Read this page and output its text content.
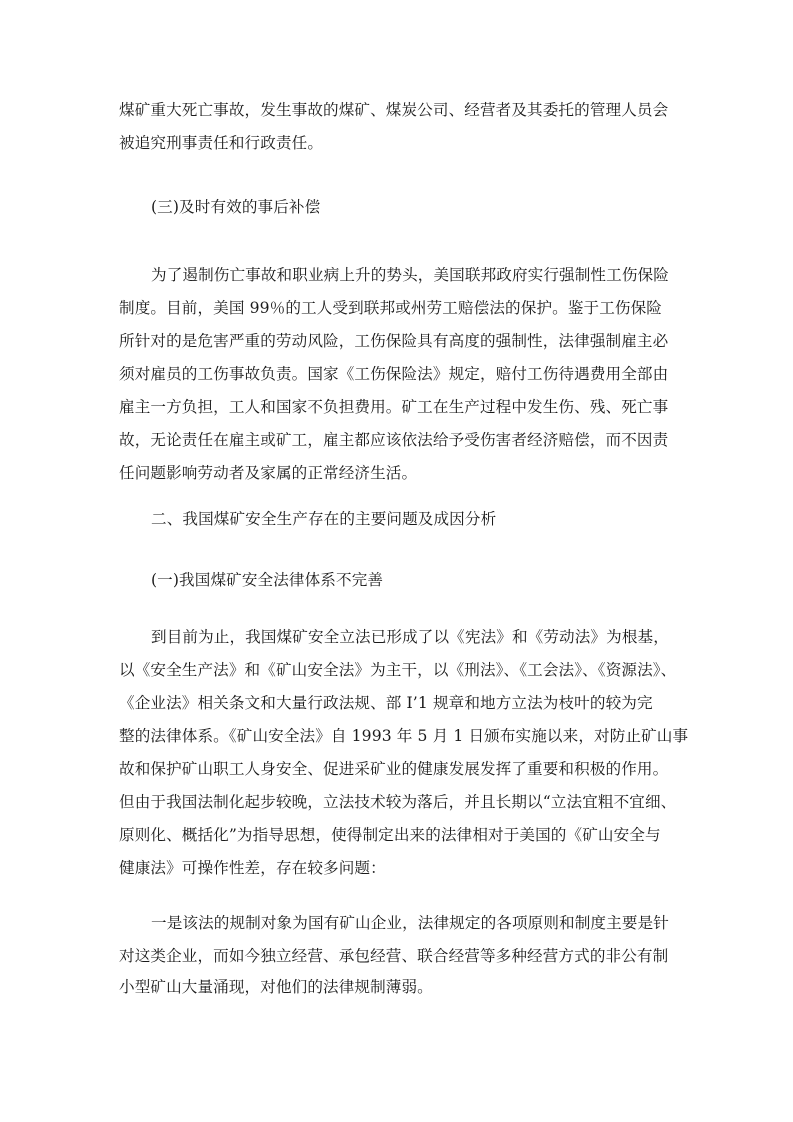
煤矿重大死亡事故，发生事故的煤矿、煤炭公司、经营者及其委托的管理人员会
被追究刑事责任和行政责任。
(三)及时有效的事后补偿
为了遏制伤亡事故和职业病上升的势头，美国联邦政府实行强制性工伤保险
制度。目前，美国 99％的工人受到联邦或州劳工赔偿法的保护。鉴于工伤保险
所针对的是危害严重的劳动风险，工伤保险具有高度的强制性，法律强制雇主必
须对雇员的工伤事故负责。国家《工伤保险法》规定，赔付工伤待遇费用全部由
雇主一方负担，工人和国家不负担费用。矿工在生产过程中发生伤、残、死亡事
故，无论责任在雇主或矿工，雇主都应该依法给予受伤害者经济赔偿，而不因责
任问题影响劳动者及家属的正常经济生活。
二、我国煤矿安全生产存在的主要问题及成因分析
(一)我国煤矿安全法律体系不完善
到目前为止，我国煤矿安全立法已形成了以《宪法》和《劳动法》为根基，
以《安全生产法》和《矿山安全法》为主干，以《刑法》、《工会法》、《资源法》、
《企业法》相关条文和大量行政法规、部 I’1 规章和地方立法为枝叶的较为完
整的法律体系。《矿山安全法》自 1993 年 5 月 1 日颁布实施以来，对防止矿山事
故和保护矿山职工人身安全、促进采矿业的健康发展发挥了重要和积极的作用。
但由于我国法制化起步较晚，立法技术较为落后，并且长期以“立法宜粗不宜细、
原则化、概括化”为指导思想，使得制定出来的法律相对于美国的《矿山安全与
健康法》可操作性差，存在较多问题：
一是该法的规制对象为国有矿山企业，法律规定的各项原则和制度主要是针
对这类企业，而如今独立经营、承包经营、联合经营等多种经营方式的非公有制
小型矿山大量涌现，对他们的法律规制薄弱。
